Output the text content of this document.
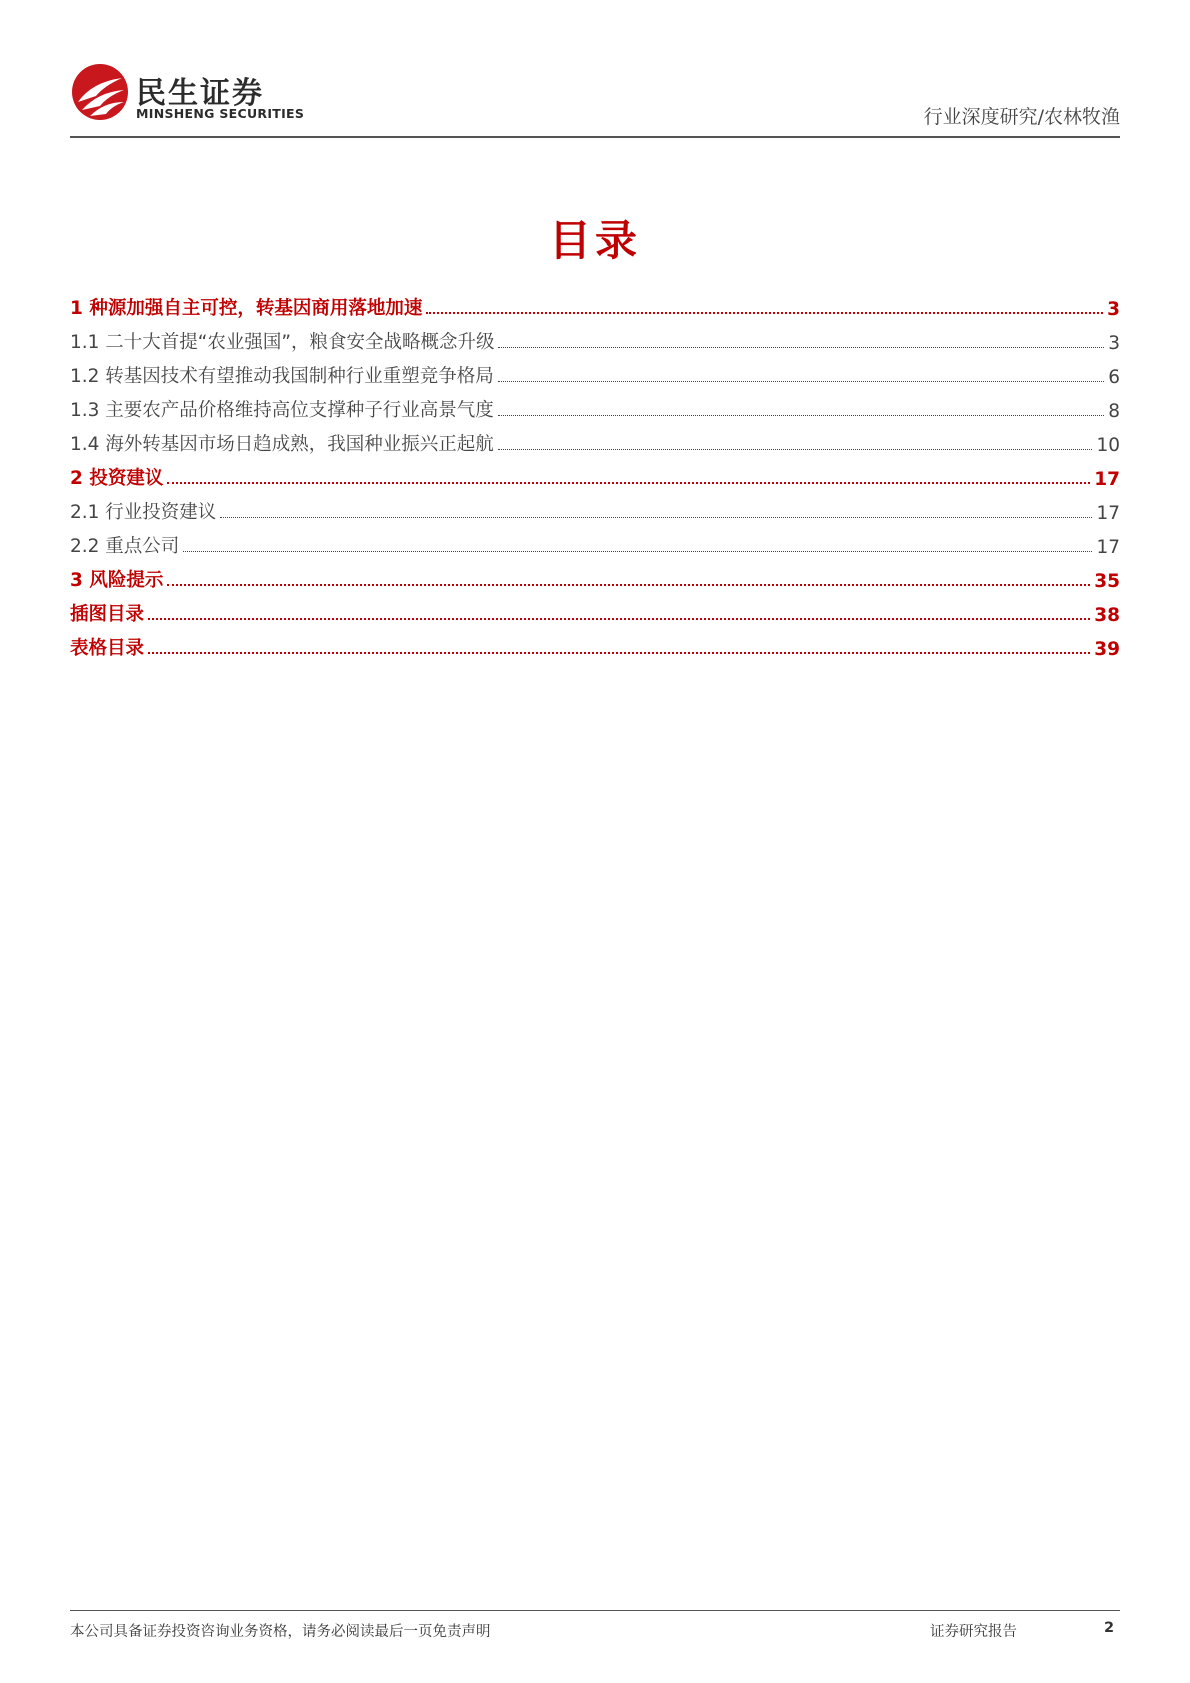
民生证券
MINSHENG SECURITIES	行业深度研究/农林牧渔
目录
1 种源加强自主可控，转基因商用落地加速	3
1.1 二十大首提“农业强国”，粮食安全战略概念升级	3
1.2 转基因技术有望推动我国制种行业重塑竞争格局	6
1.3 主要农产品价格维持高位支撑种子行业高景气度	8
1.4 海外转基因市场日趋成熟，我国种业振兴正起航	10
2 投资建议	17
2.1 行业投资建议	17
2.2 重点公司	17
3 风险提示	35
插图目录	38
表格目录	39
本公司具备证券投资咨询业务资格，请务必阅读最后一页免责声明	证券研究报告	2
